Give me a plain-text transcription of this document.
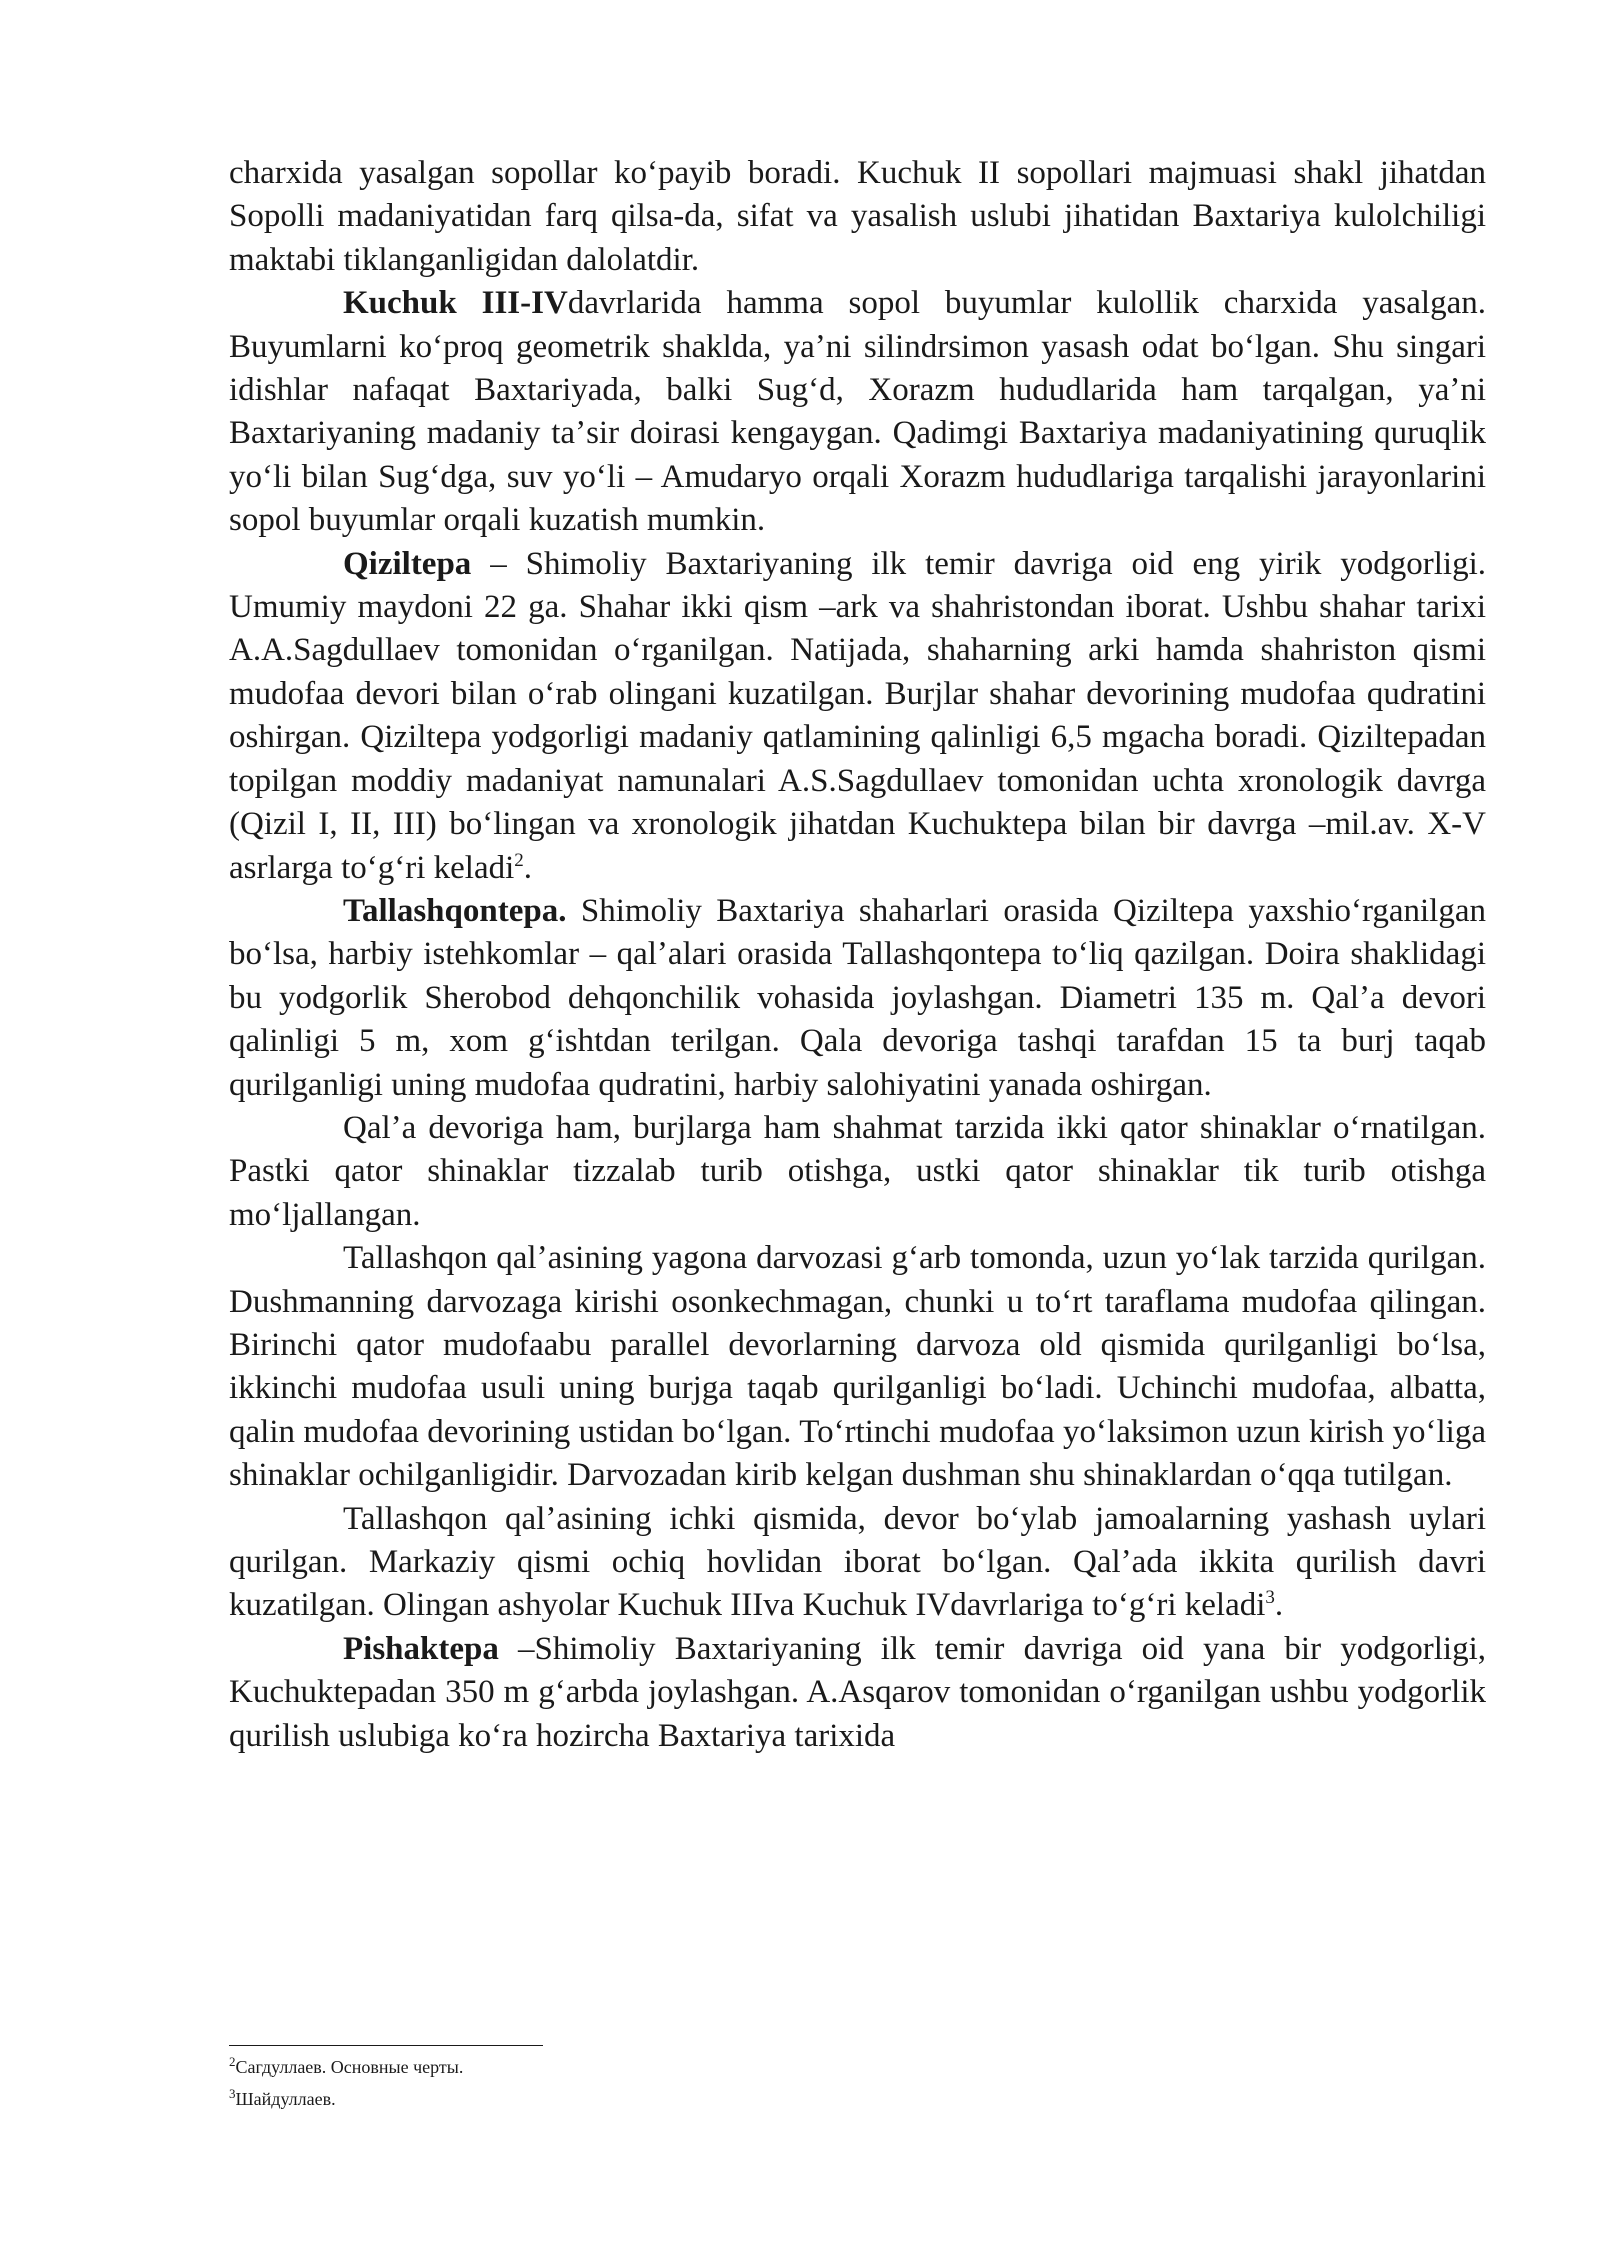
charxida yasalgan sopollar koʻpayib boradi. Kuchuk II sopollari majmuasi shakl jihatdan Sopolli madaniyatidan farq qilsa-da, sifat va yasalish uslubi jihatidan Baxtariya kulolchiligi maktabi tiklanganligidan dalolatdir.

Kuchuk III-IVdavrlarida hamma sopol buyumlar kulollik charxida yasalgan. Buyumlarni koʻproq geometrik shaklda, yaʼni silindrsimon yasash odat boʻlgan. Shu singari idishlar nafaqat Baxtariyada, balki Sugʻd, Xorazm hududlarida ham tarqalgan, yaʼni Baxtariyaning madaniy taʼsir doirasi kengaygan. Qadimgi Baxtariya madaniyatining quruqlik yoʻli bilan Sugʻdga, suv yoʻli – Amudaryo orqali Xorazm hududlariga tarqalishi jarayonlarini sopol buyumlar orqali kuzatish mumkin.

Qiziltepa – Shimoliy Baxtariyaning ilk temir davriga oid eng yirik yodgorligi. Umumiy maydoni 22 ga. Shahar ikki qism –ark va shahristondan iborat. Ushbu shahar tarixi A.A.Sagdullaev tomonidan oʻrganilgan. Natijada, shaharning arki hamda shahriston qismi mudofaa devori bilan oʻrab olingani kuzatilgan. Burjlar shahar devorining mudofaa qudratini oshirgan. Qiziltepa yodgorligi madaniy qatlamining qalinligi 6,5 mgacha boradi. Qiziltepadan topilgan moddiy madaniyat namunalari A.S.Sagdullaev tomonidan uchta xronologik davrga (Qizil I, II, III) boʻlingan va xronologik jihatdan Kuchuktepa bilan bir davrga –mil.av. X-V asrlarga toʻgʻri keladi$^2$.

Tallashqontepa. Shimoliy Baxtariya shaharlari orasida Qiziltepa yaxshioʻrganilgan boʻlsa, harbiy istehkomlar – qalʼalari orasida Tallashqontepa toʻliq qazilgan. Doira shaklidagi bu yodgorlik Sherobod dehqonchilik vohasida joylashgan. Diametri 135 m. Qalʼa devori qalinligi 5 m, xom gʻishtdan terilgan. Qala devoriga tashqi tarafdan 15 ta burj taqab qurilganligi uning mudofaa qudratini, harbiy salohiyatini yanada oshirgan.

Qalʼa devoriga ham, burjlarga ham shahmat tarzida ikki qator shinaklar oʻrnatilgan. Pastki qator shinaklar tizzalab turib otishga, ustki qator shinaklar tik turib otishga moʻljallangan.

Tallashqon qalʼasining yagona darvozasi gʻarb tomonda, uzun yoʻlak tarzida qurilgan. Dushmanning darvozaga kirishi osonkechmagan, chunki u toʻrt taraflama mudofaa qilingan. Birinchi qator mudofaabu parallel devorlarning darvoza old qismida qurilganligi boʻlsa, ikkinchi mudofaa usuli uning burjga taqab qurilganligi boʻladi. Uchinchi mudofaa, albatta, qalin mudofaa devorining ustidan boʻlgan. Toʻrtinchi mudofaa yoʻlaksimon uzun kirish yoʻliga shinaklar ochilganligidir. Darvozadan kirib kelgan dushman shu shinaklardan oʻqqa tutilgan.

Tallashqon qalʼasining ichki qismida, devor boʻylab jamoalarning yashash uylari qurilgan. Markaziy qismi ochiq hovlidan iborat boʻlgan. Qalʼada ikkita qurilish davri kuzatilgan. Olingan ashyolar Kuchuk IIIva Kuchuk IVdavrlariga toʻgʻri keladi$^3$.

Pishaktepa –Shimoliy Baxtariyaning ilk temir davriga oid yana bir yodgorligi, Kuchuktepadan 350 m gʻarbda joylashgan. A.Asqarov tomonidan oʻrganilgan ushbu yodgorlik qurilish uslubiga koʻra hozircha Baxtariya tarixida

$^2$Сагдуллаев. Основные черты.

$^3$Шайдуллаев.
